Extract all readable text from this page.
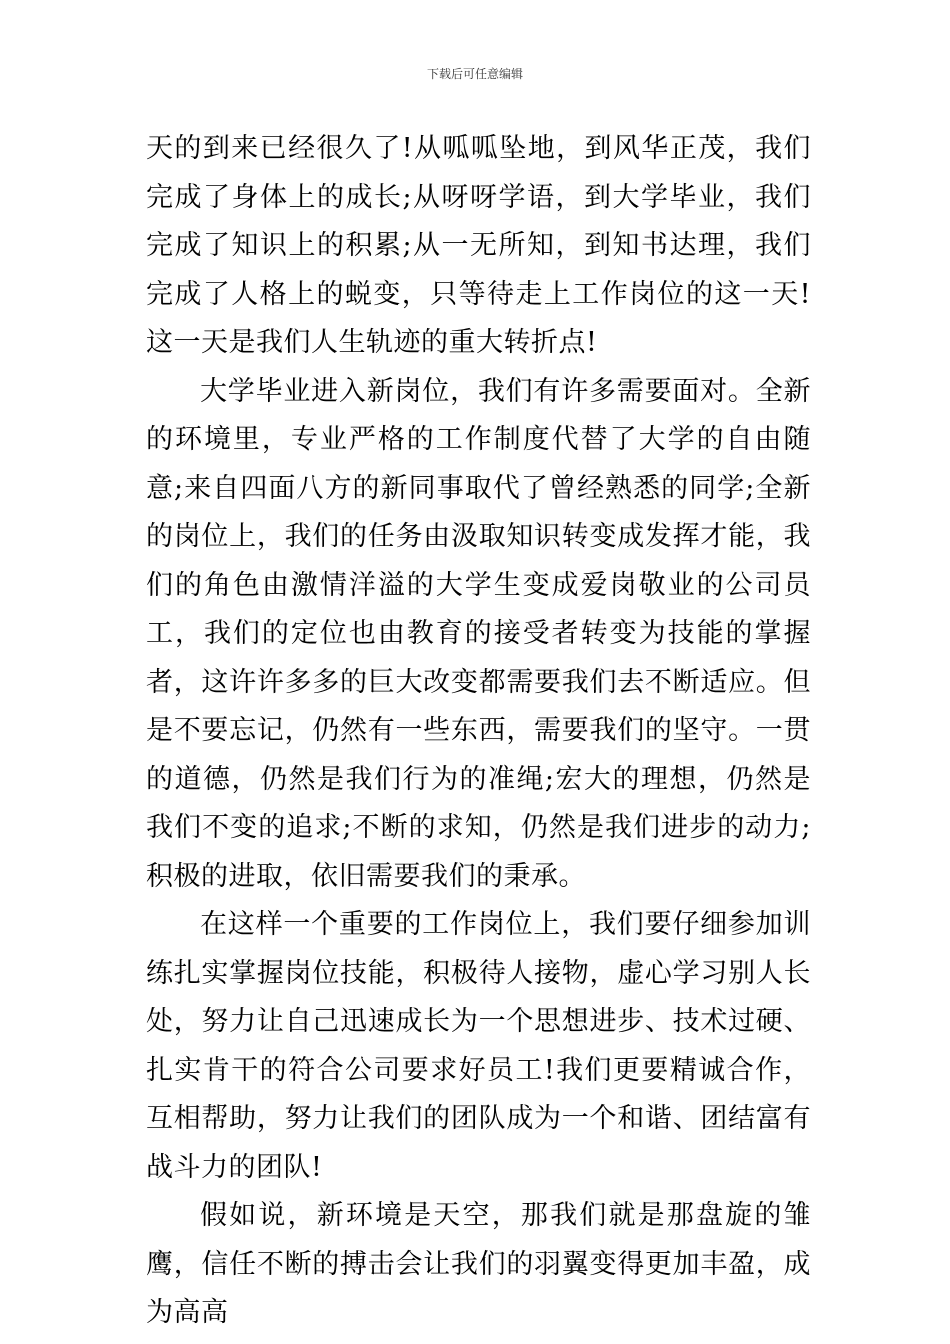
下载后可任意编辑

天的到来已经很久了!从呱呱坠地，到风华正茂，我们完成了身体上的成长;从呀呀学语，到大学毕业，我们完成了知识上的积累;从一无所知，到知书达理，我们完成了人格上的蜕变，只等待走上工作岗位的这一天!这一天是我们人生轨迹的重大转折点!

大学毕业进入新岗位，我们有许多需要面对。全新的环境里，专业严格的工作制度代替了大学的自由随意;来自四面八方的新同事取代了曾经熟悉的同学;全新的岗位上，我们的任务由汲取知识转变成发挥才能，我们的角色由激情洋溢的大学生变成爱岗敬业的公司员工，我们的定位也由教育的接受者转变为技能的掌握者，这许许多多的巨大改变都需要我们去不断适应。但是不要忘记，仍然有一些东西，需要我们的坚守。一贯的道德，仍然是我们行为的准绳;宏大的理想，仍然是我们不变的追求;不断的求知，仍然是我们进步的动力;积极的进取，依旧需要我们的秉承。

在这样一个重要的工作岗位上，我们要仔细参加训练扎实掌握岗位技能，积极待人接物，虚心学习别人长处，努力让自己迅速成长为一个思想进步、技术过硬、扎实肯干的符合公司要求好员工!我们更要精诚合作，互相帮助，努力让我们的团队成为一个和谐、团结富有战斗力的团队!

假如说，新环境是天空，那我们就是那盘旋的雏鹰，信任不断的搏击会让我们的羽翼变得更加丰盈，成为高高
